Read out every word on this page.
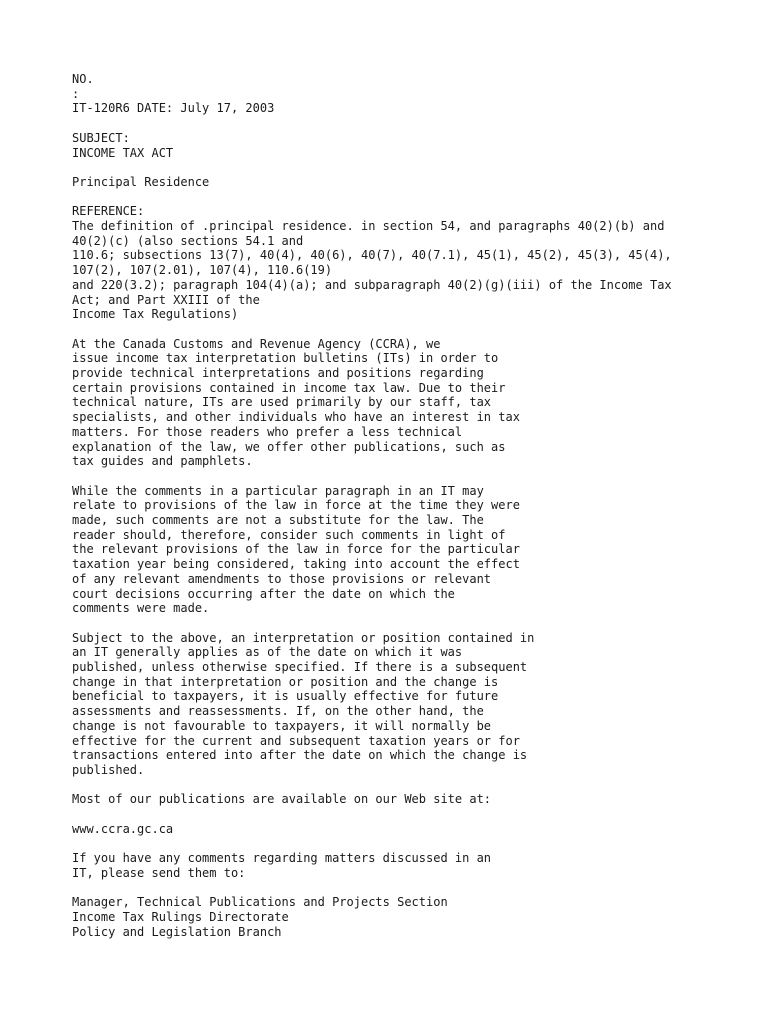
NO.
:
IT-120R6 DATE: July 17, 2003
SUBJECT:
INCOME TAX ACT
Principal Residence
REFERENCE:
The definition of .principal residence. in section 54, and paragraphs 40(2)(b) and
40(2)(c) (also sections 54.1 and
110.6; subsections 13(7), 40(4), 40(6), 40(7), 40(7.1), 45(1), 45(2), 45(3), 45(4),
107(2), 107(2.01), 107(4), 110.6(19)
and 220(3.2); paragraph 104(4)(a); and subparagraph 40(2)(g)(iii) of the Income Tax
Act; and Part XXIII of the
Income Tax Regulations)
At the Canada Customs and Revenue Agency (CCRA), we
issue income tax interpretation bulletins (ITs) in order to
provide technical interpretations and positions regarding
certain provisions contained in income tax law. Due to their
technical nature, ITs are used primarily by our staff, tax
specialists, and other individuals who have an interest in tax
matters. For those readers who prefer a less technical
explanation of the law, we offer other publications, such as
tax guides and pamphlets.
While the comments in a particular paragraph in an IT may
relate to provisions of the law in force at the time they were
made, such comments are not a substitute for the law. The
reader should, therefore, consider such comments in light of
the relevant provisions of the law in force for the particular
taxation year being considered, taking into account the effect
of any relevant amendments to those provisions or relevant
court decisions occurring after the date on which the
comments were made.
Subject to the above, an interpretation or position contained in
an IT generally applies as of the date on which it was
published, unless otherwise specified. If there is a subsequent
change in that interpretation or position and the change is
beneficial to taxpayers, it is usually effective for future
assessments and reassessments. If, on the other hand, the
change is not favourable to taxpayers, it will normally be
effective for the current and subsequent taxation years or for
transactions entered into after the date on which the change is
published.
Most of our publications are available on our Web site at:
www.ccra.gc.ca
If you have any comments regarding matters discussed in an
IT, please send them to:
Manager, Technical Publications and Projects Section
Income Tax Rulings Directorate
Policy and Legislation Branch
